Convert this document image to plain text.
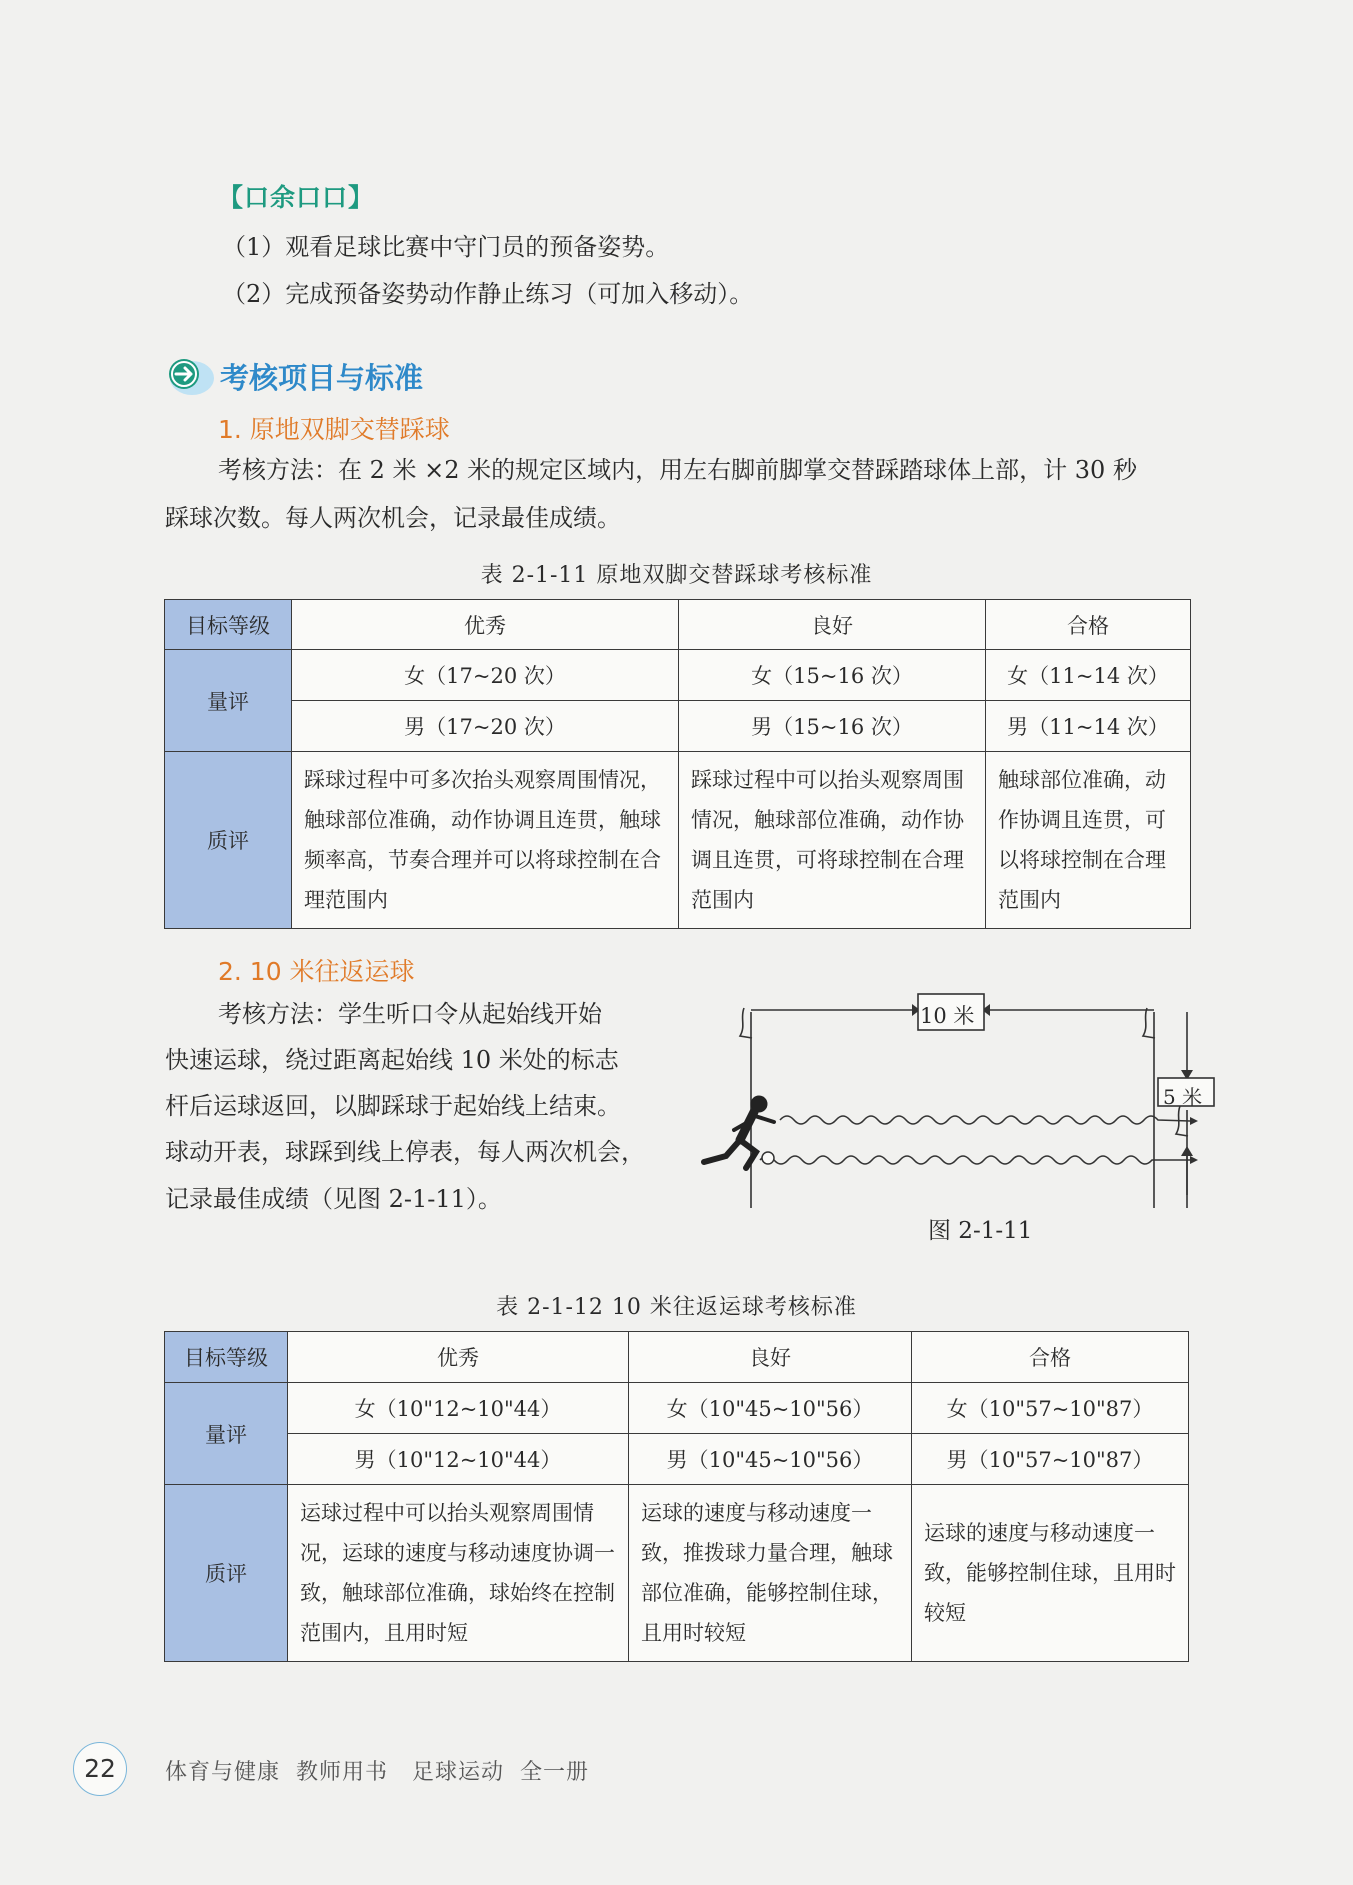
【口余口口】
（1）观看足球比赛中守门员的预备姿势。
（2）完成预备姿势动作静止练习（可加入移动）。
考核项目与标准
1. 原地双脚交替踩球
考核方法：在 2 米 ×2 米的规定区域内，用左右脚前脚掌交替踩踏球体上部，计 30 秒
踩球次数。每人两次机会，记录最佳成绩。
表 2-1-11 原地双脚交替踩球考核标准
目标等级	优秀	良好	合格
量评	女（17~20 次）	女（15~16 次）	女（11~14 次）
	男（17~20 次）	男（15~16 次）	男（11~14 次）
质评	踩球过程中可多次抬头观察周围情况，触球部位准确，动作协调且连贯，触球频率高，节奏合理并可以将球控制在合理范围内	踩球过程中可以抬头观察周围情况，触球部位准确，动作协调且连贯，可将球控制在合理范围内	触球部位准确，动作协调且连贯，可以将球控制在合理范围内
2. 10 米往返运球
考核方法：学生听口令从起始线开始
快速运球，绕过距离起始线 10 米处的标志
杆后运球返回，以脚踩球于起始线上结束。
球动开表，球踩到线上停表，每人两次机会，
记录最佳成绩（见图 2-1-11）。
10 米
5 米
图 2-1-11
表 2-1-12 10 米往返运球考核标准
目标等级	优秀	良好	合格
量评	女（10"12~10"44）	女（10"45~10"56）	女（10"57~10"87）
	男（10"12~10"44）	男（10"45~10"56）	男（10"57~10"87）
质评	运球过程中可以抬头观察周围情况，运球的速度与移动速度协调一致，触球部位准确，球始终在控制范围内，且用时短	运球的速度与移动速度一致，推拨球力量合理，触球部位准确，能够控制住球，且用时较短	运球的速度与移动速度一致，能够控制住球，且用时较短
22	体育与健康  教师用书   足球运动  全一册
